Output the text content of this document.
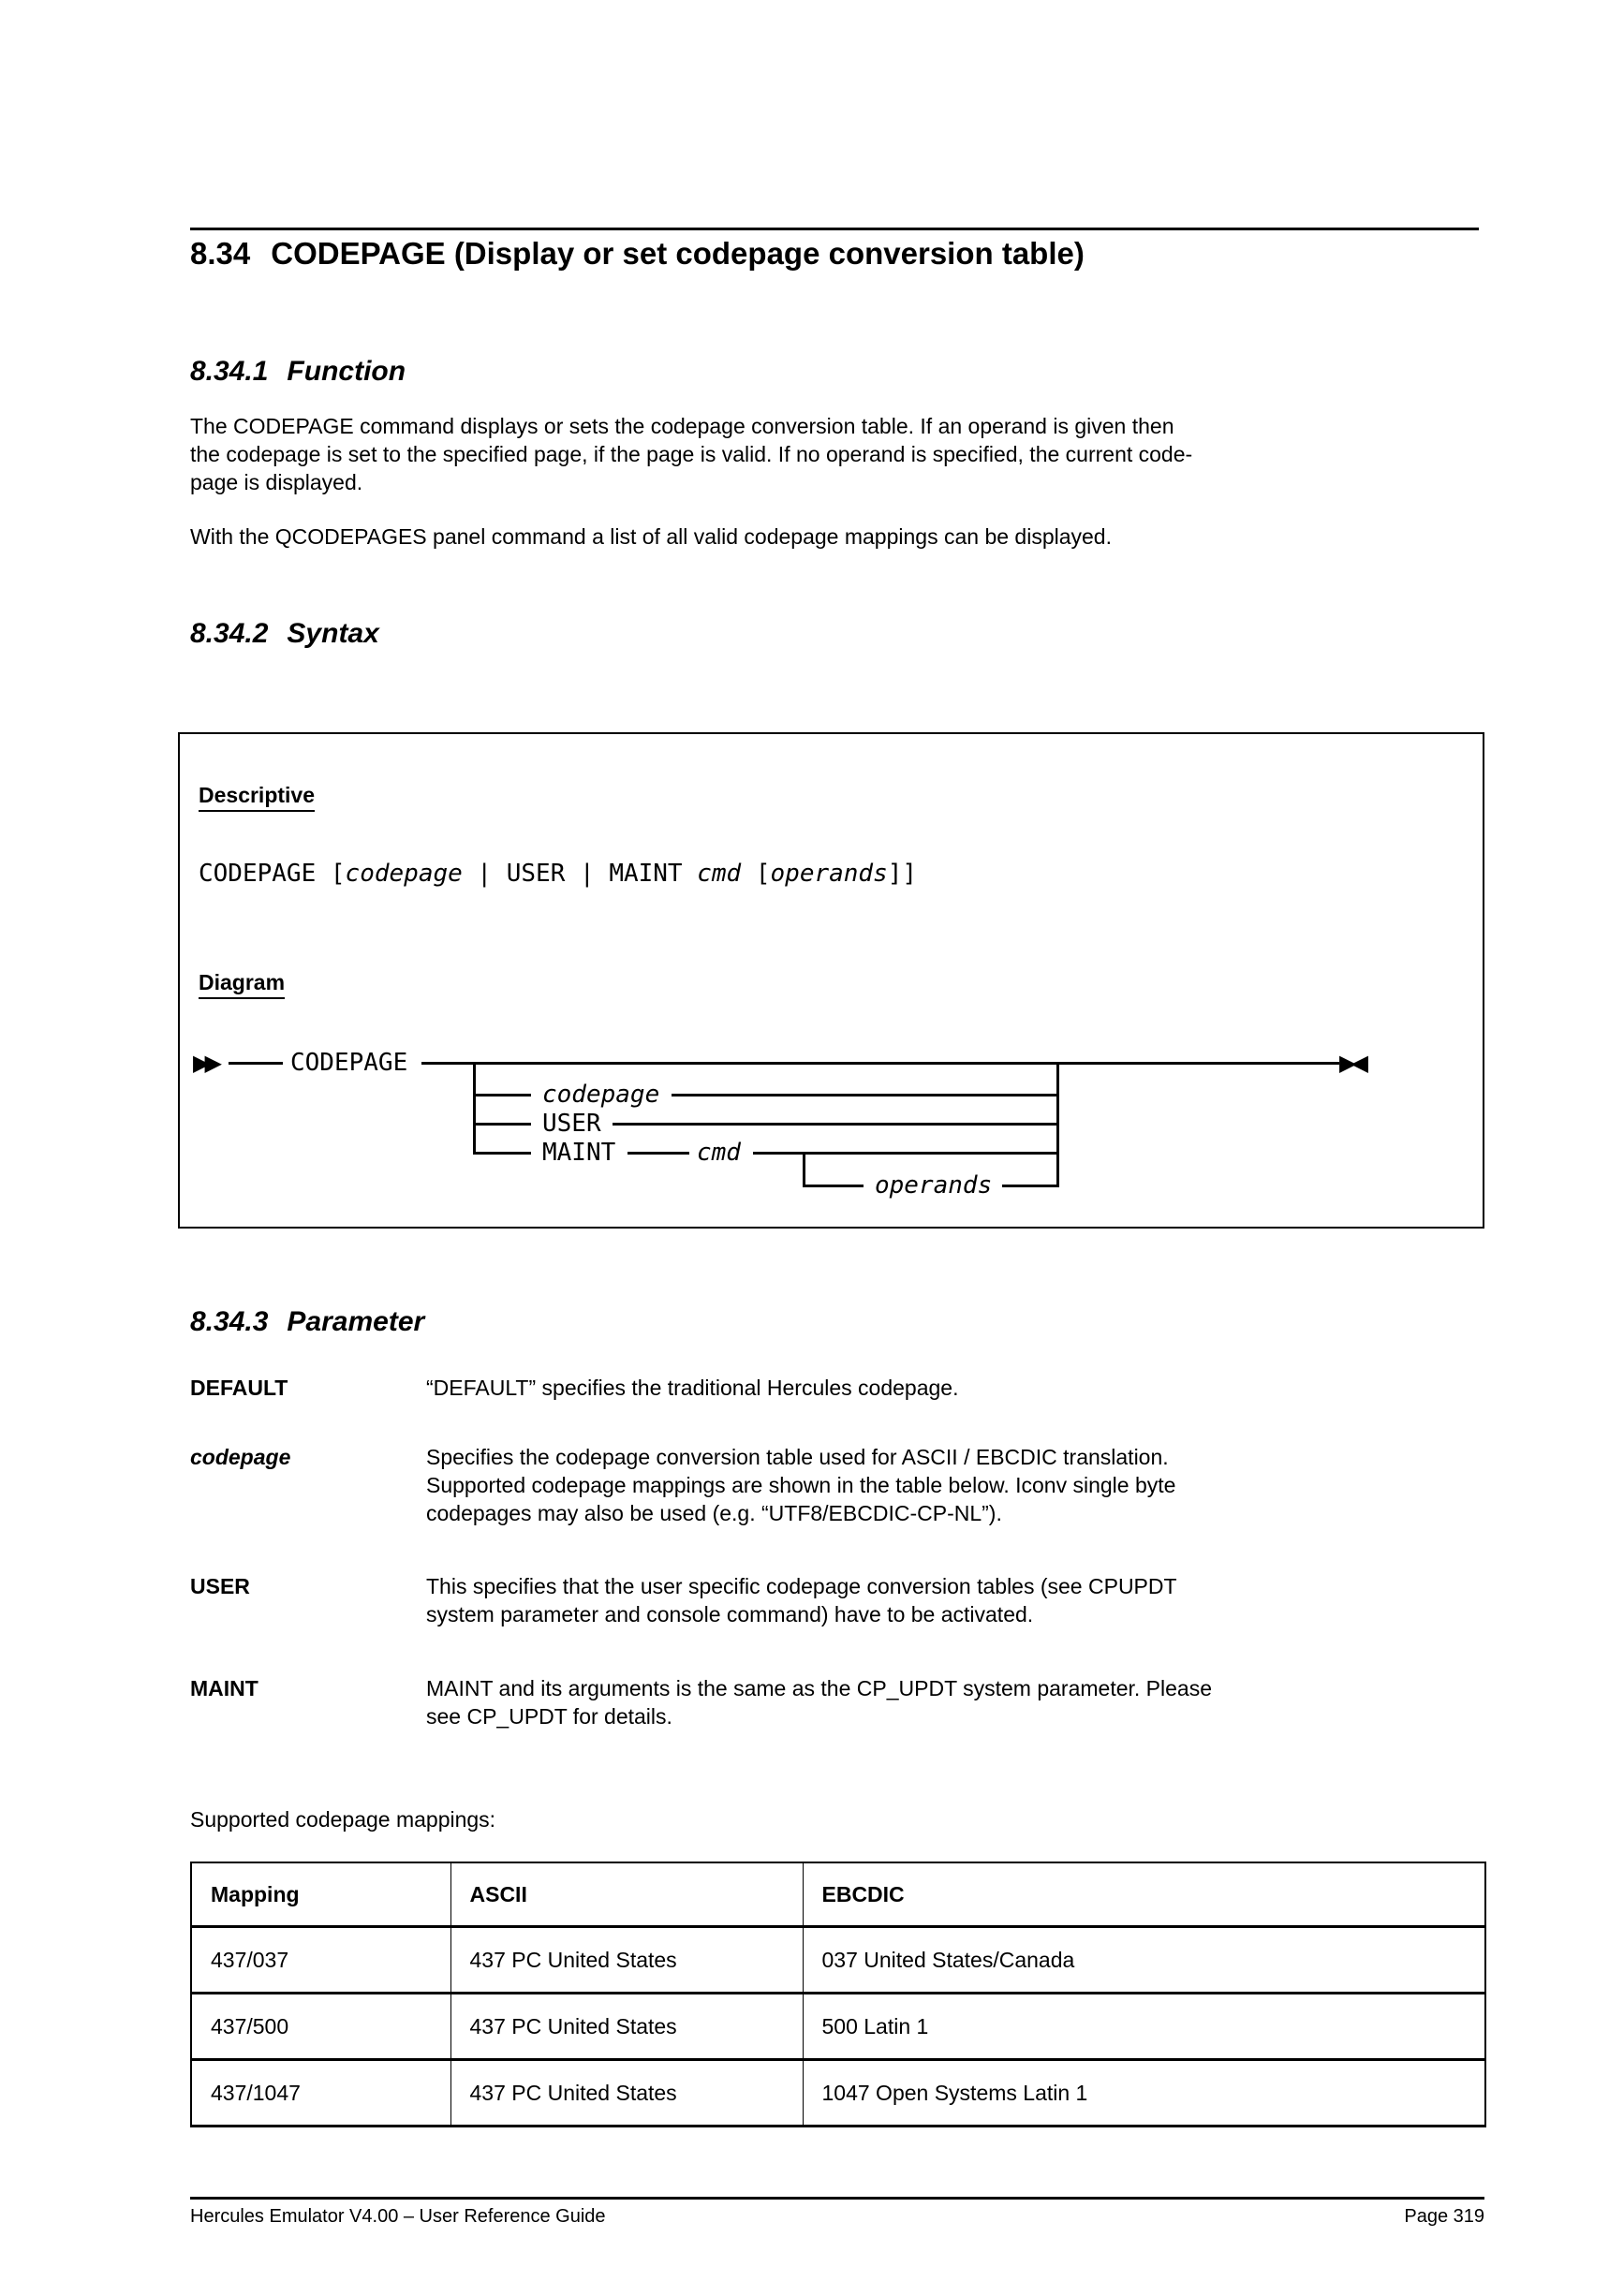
8.34 CODEPAGE (Display or set codepage conversion table)
8.34.1 Function
The CODEPAGE command displays or sets the codepage conversion table. If an operand is given then
the codepage is set to the specified page, if the page is valid. If no operand is specified, the current code-
page is displayed.
With the QCODEPAGES panel command a list of all valid codepage mappings can be displayed.
8.34.2 Syntax
Descriptive
CODEPAGE [codepage | USER | MAINT cmd [operands]]
Diagram
▶▶	CODEPAGE	▶◀
codepage
USER
MAINT	cmd
operands
8.34.3 Parameter
DEFAULT	“DEFAULT” specifies the traditional Hercules codepage.
codepage	Specifies the codepage conversion table used for ASCII / EBCDIC translation.
Supported codepage mappings are shown in the table below. Iconv single byte
codepages may also be used (e.g. “UTF8/EBCDIC-CP-NL”).
USER	This specifies that the user specific codepage conversion tables (see CPUPDT
system parameter and console command) have to be activated.
MAINT	MAINT and its arguments is the same as the CP_UPDT system parameter. Please
see CP_UPDT for details.
Supported codepage mappings:
Mapping	ASCII	EBCDIC
437/037	437 PC United States	037 United States/Canada
437/500	437 PC United States	500 Latin 1
437/1047	437 PC United States	1047 Open Systems Latin 1
Hercules Emulator V4.00 – User Reference Guide	Page 319
